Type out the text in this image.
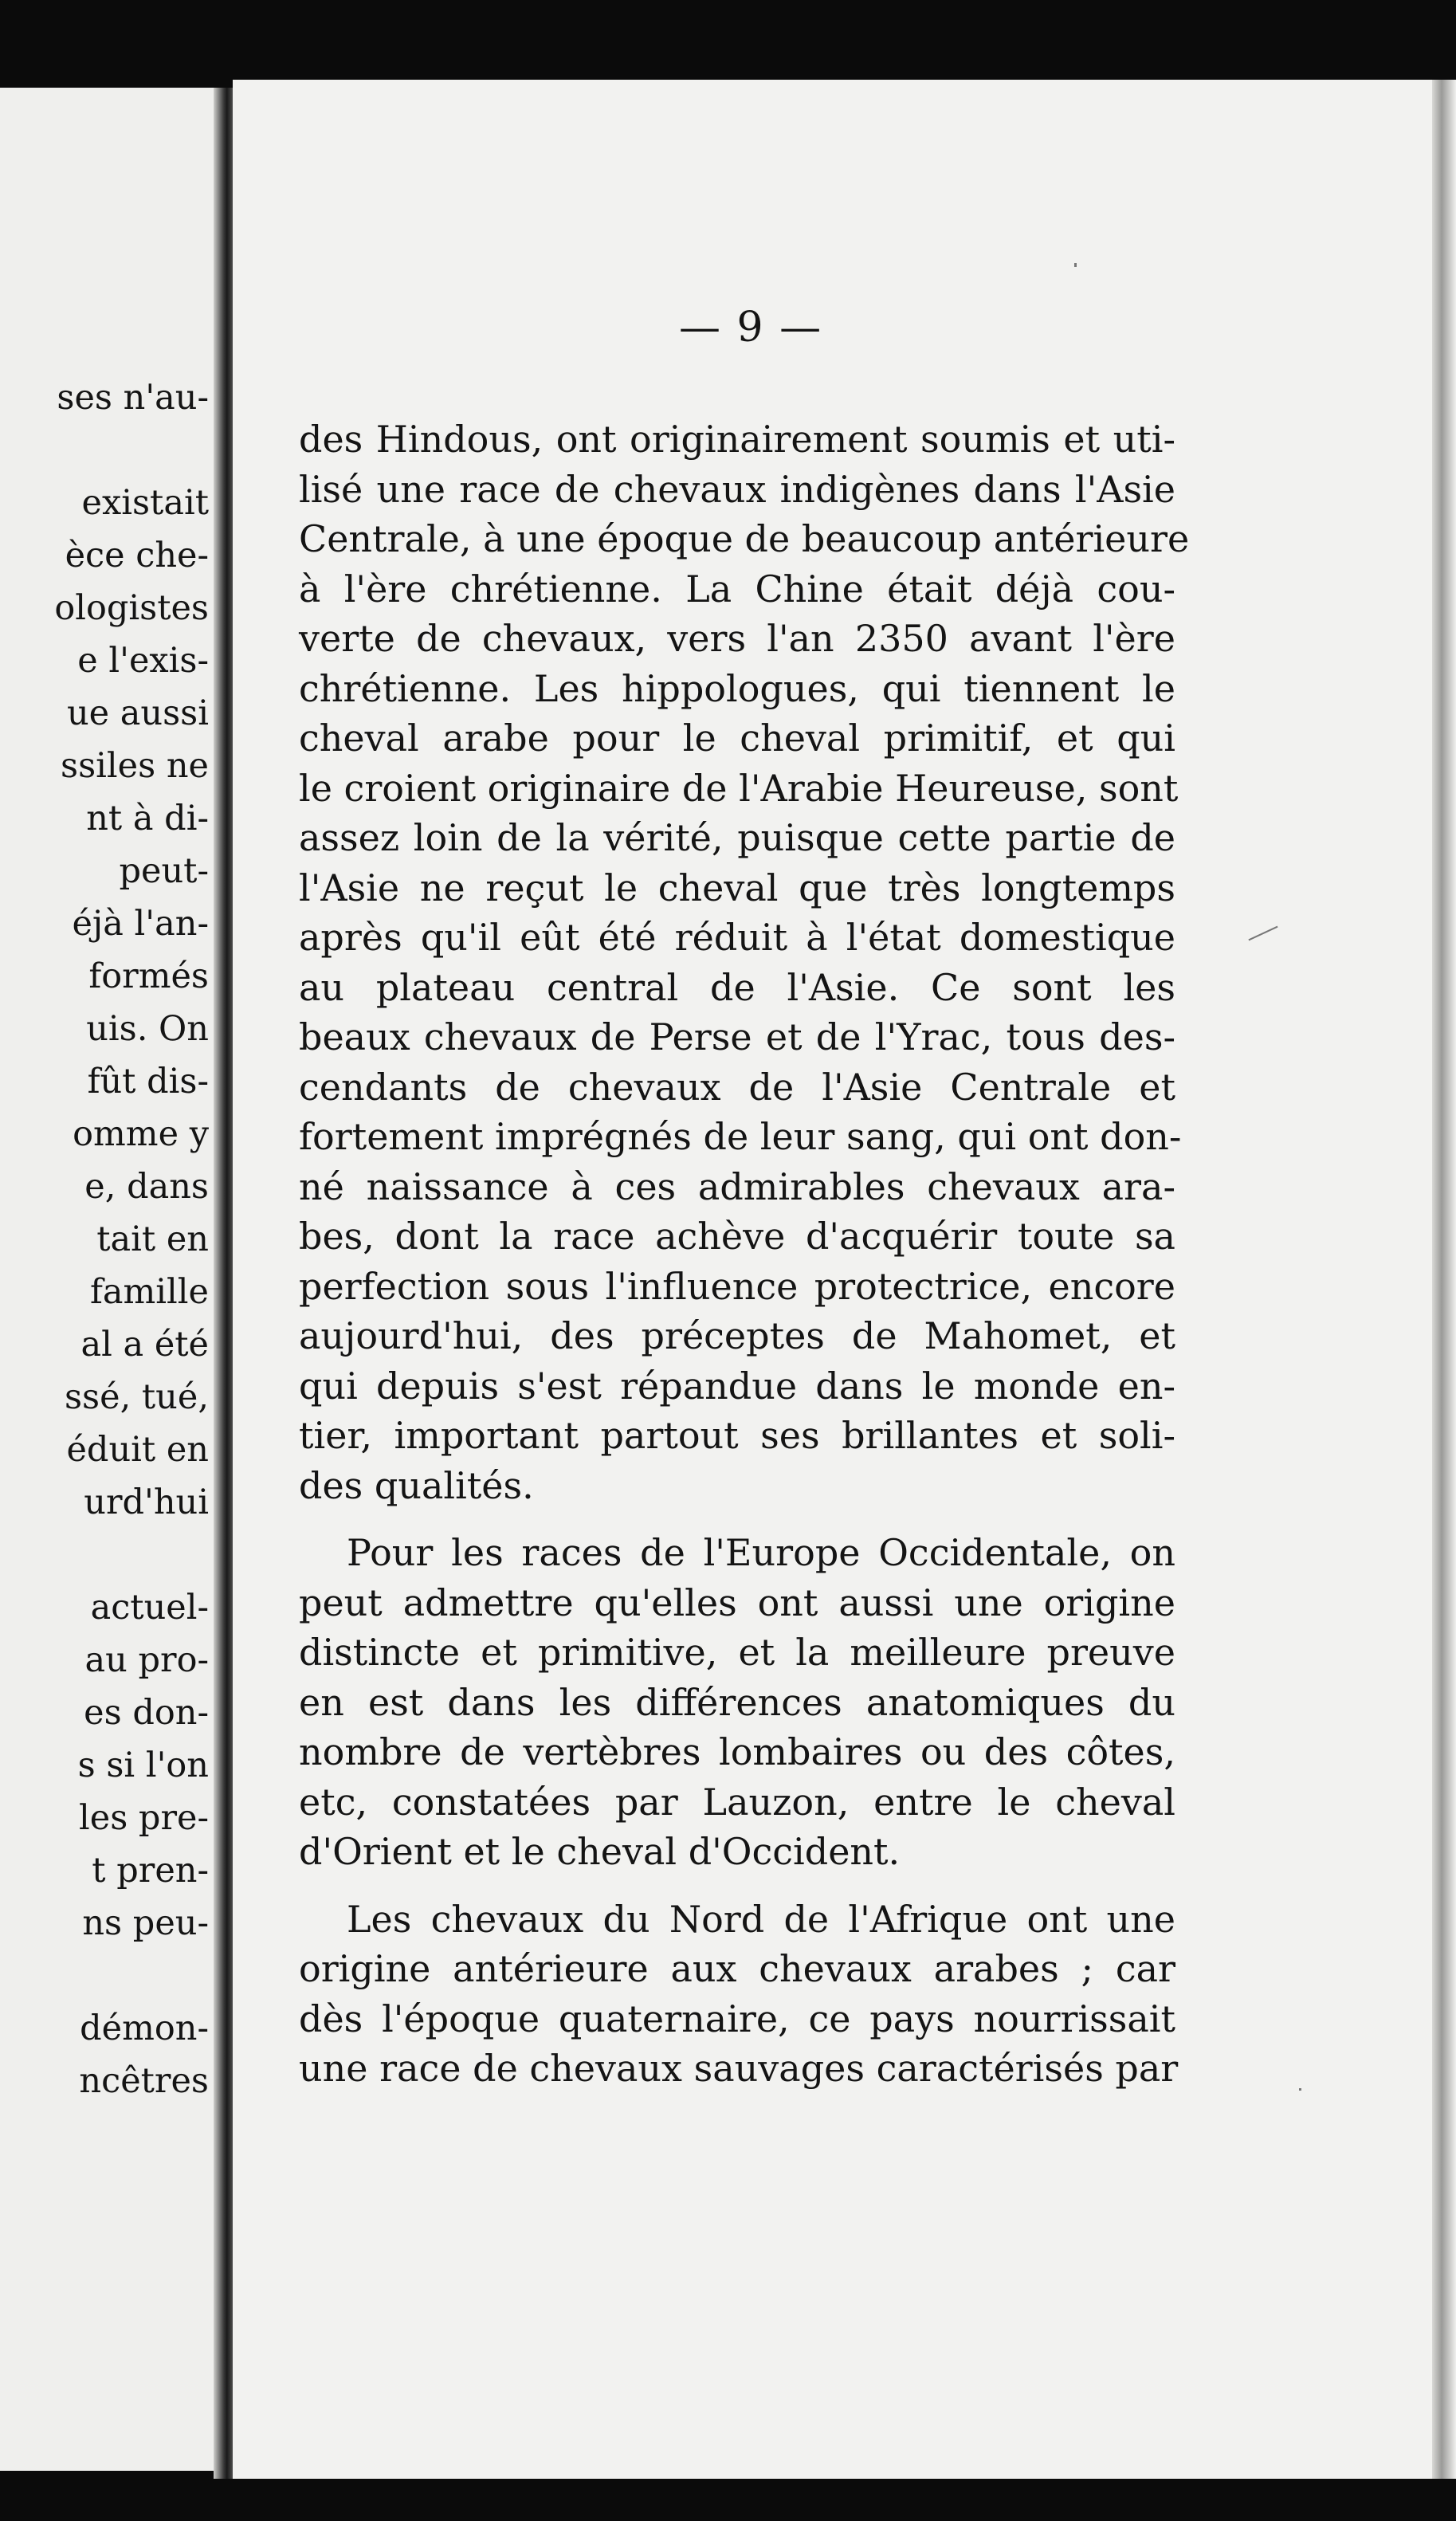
ses n'au-
existait
èce che-
ologistes
e l'exis-
ue aussi
ssiles ne
nt à di-
peut-
éjà l'an-
formés
uis. On
fût dis-
omme y
e, dans
tait en
famille
al a été
ssé, tué,
éduit en
urd'hui
actuel-
au pro-
es don-
s si l'on
les pre-
t pren-
ns peu-
démon-
ncêtres
— 9 —
des Hindous, ont originairement soumis et uti-
lisé une race de chevaux indigènes dans l'Asie
Centrale, à une époque de beaucoup antérieure
à l'ère chrétienne. La Chine était déjà cou-
verte de chevaux, vers l'an 2350 avant l'ère
chrétienne. Les hippologues, qui tiennent le
cheval arabe pour le cheval primitif, et qui
le croient originaire de l'Arabie Heureuse, sont
assez loin de la vérité, puisque cette partie de
l'Asie ne reçut le cheval que très longtemps
après qu'il eût été réduit à l'état domestique
au plateau central de l'Asie. Ce sont les
beaux chevaux de Perse et de l'Yrac, tous des-
cendants de chevaux de l'Asie Centrale et
fortement imprégnés de leur sang, qui ont don-
né naissance à ces admirables chevaux ara-
bes, dont la race achève d'acquérir toute sa
perfection sous l'influence protectrice, encore
aujourd'hui, des préceptes de Mahomet, et
qui depuis s'est répandue dans le monde en-
tier, important partout ses brillantes et soli-
des qualités.
Pour les races de l'Europe Occidentale, on
peut admettre qu'elles ont aussi une origine
distincte et primitive, et la meilleure preuve
en est dans les différences anatomiques du
nombre de vertèbres lombaires ou des côtes,
etc, constatées par Lauzon, entre le cheval
d'Orient et le cheval d'Occident.
Les chevaux du Nord de l'Afrique ont une
origine antérieure aux chevaux arabes ; car
dès l'époque quaternaire, ce pays nourrissait
une race de chevaux sauvages caractérisés par
